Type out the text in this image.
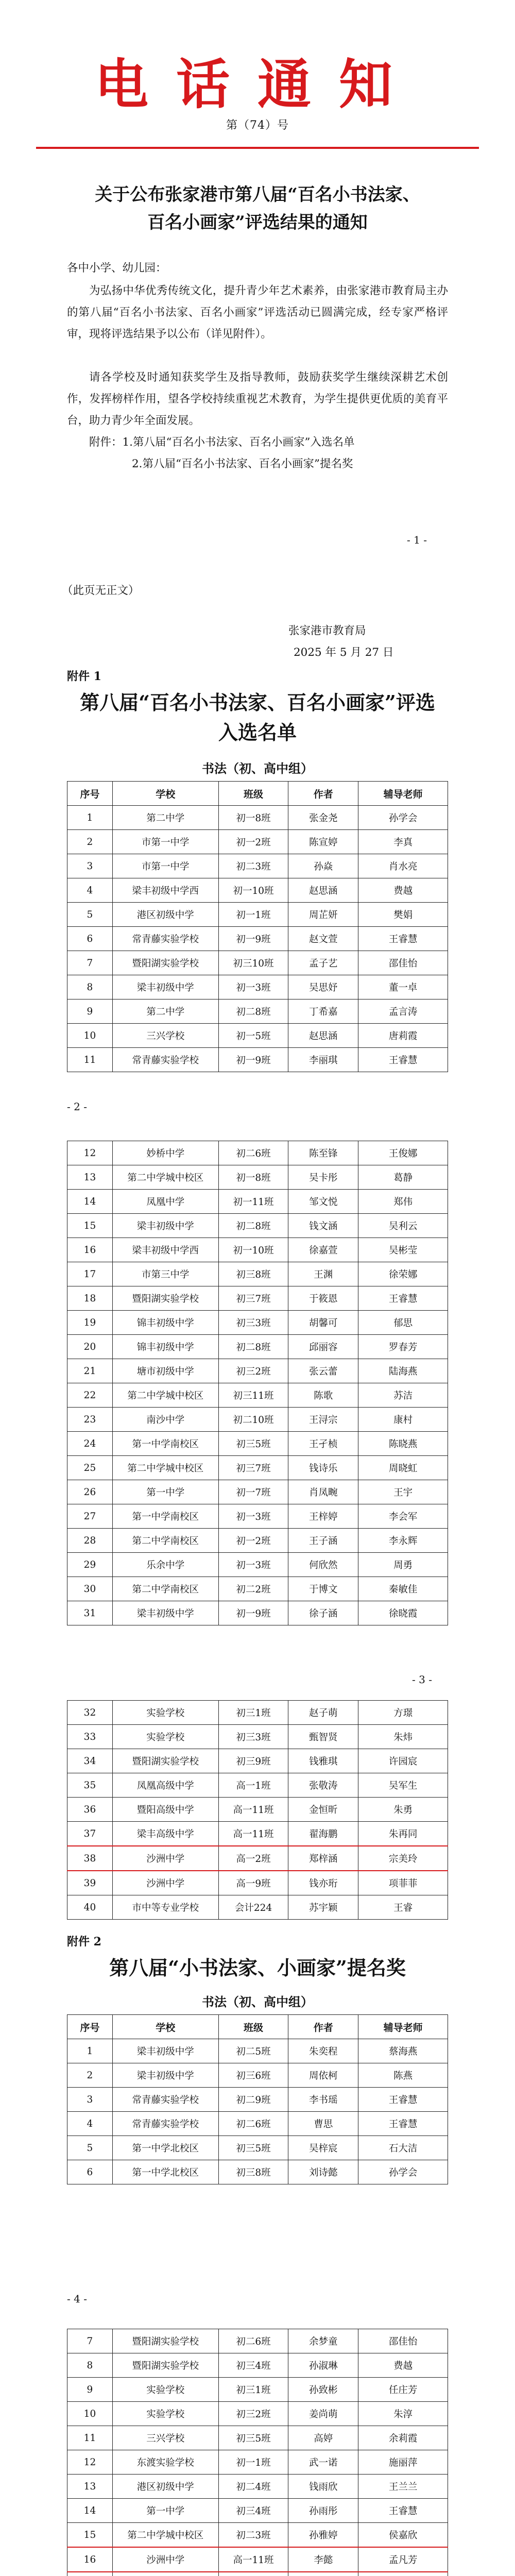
电话通知
第（74）号
关于公布张家港市第八届“百名小书法家、
百名小画家”评选结果的通知
各中小学、幼儿园：
为弘扬中华优秀传统文化，提升青少年艺术素养，由张家港市教育局主办的第八届“百名小书法家、百名小画家”评选活动已圆满完成，经专家严格评审，现将评选结果予以公布（详见附件）。
请各学校及时通知获奖学生及指导教师，鼓励获奖学生继续深耕艺术创作，发挥榜样作用，望各学校持续重视艺术教育，为学生提供更优质的美育平台，助力青少年全面发展。
附件：1.第八届“百名小书法家、百名小画家”入选名单
2.第八届“百名小书法家、百名小画家”提名奖
- 1 -
（此页无正文）
张家港市教育局
2025 年 5 月 27 日
附件 1
第八届“百名小书法家、百名小画家”评选
入选名单
书法（初、高中组）
序号	学校	班级	作者	辅导老师
1	第二中学	初一8班	张金尧	孙学会
2	市第一中学	初一2班	陈宣婷	李真
3	市第一中学	初二3班	孙焱	肖水亮
4	梁丰初级中学西	初一10班	赵思涵	费越
5	港区初级中学	初一1班	周芷妍	樊娟
6	常青藤实验学校	初一9班	赵文萱	王睿慧
7	暨阳湖实验学校	初三10班	孟子艺	邵佳怡
8	梁丰初级中学	初一3班	吴思妤	董一卓
9	第二中学	初二8班	丁希嘉	孟言涛
10	三兴学校	初一5班	赵思涵	唐莉霞
11	常青藤实验学校	初一9班	李丽琪	王睿慧
- 2 -
12	妙桥中学	初二6班	陈至锋	王俊娜
13	第二中学城中校区	初一8班	吴卡彤	葛静
14	凤凰中学	初一11班	邹文悦	郑伟
15	梁丰初级中学	初二8班	钱文涵	吴利云
16	梁丰初级中学西	初一10班	徐嘉萱	吴彬莹
17	市第三中学	初三8班	王渊	徐荣娜
18	暨阳湖实验学校	初三7班	于筱恩	王睿慧
19	锦丰初级中学	初三3班	胡馨可	郁思
20	锦丰初级中学	初二8班	邱丽容	罗春芳
21	塘市初级中学	初三2班	张云蕾	陆海燕
22	第二中学城中校区	初三11班	陈歌	苏洁
23	南沙中学	初二10班	王浔宗	康村
24	第一中学南校区	初三5班	王孑桢	陈晓燕
25	第二中学城中校区	初三7班	钱诗乐	周晓虹
26	第一中学	初一7班	肖凤畹	王宇
27	第一中学南校区	初一3班	王梓婷	李会军
28	第二中学南校区	初一2班	王子涵	李永辉
29	乐余中学	初一3班	何欣然	周勇
30	第二中学南校区	初二2班	于博文	秦敏佳
31	梁丰初级中学	初一9班	徐子涵	徐晓霞
- 3 -
32	实验学校	初三1班	赵子萌	方璟
33	实验学校	初三3班	甄智贤	朱炜
34	暨阳湖实验学校	初三9班	钱雅琪	许园宸
35	凤凰高级中学	高一1班	张敬涛	吴军生
36	暨阳高级中学	高一11班	金恒昕	朱勇
37	梁丰高级中学	高一11班	翟海鹏	朱再同
38	沙洲中学	高一2班	郑梓涵	宗美玲
39	沙洲中学	高一9班	钱亦珩	项菲菲
40	市中等专业学校	会计224	苏宇颖	王睿
附件 2
第八届“小书法家、小画家”提名奖
书法（初、高中组）
序号	学校	班级	作者	辅导老师
1	梁丰初级中学	初二5班	朱奕程	蔡海燕
2	梁丰初级中学	初三6班	周依柯	陈燕
3	常青藤实验学校	初二9班	李书瑶	王睿慧
4	常青藤实验学校	初二6班	曹思	王睿慧
5	第一中学北校区	初三5班	吴梓宸	石大洁
6	第一中学北校区	初三8班	刘诗懿	孙学会
- 4 -
7	暨阳湖实验学校	初二6班	余梦童	邵佳怡
8	暨阳湖实验学校	初三4班	孙淑琳	费越
9	实验学校	初三1班	孙致彬	任庄芳
10	实验学校	初三2班	姜尚萌	朱淳
11	三兴学校	初三5班	高婷	余莉霞
12	东渡实验学校	初一1班	武一诺	施丽萍
13	港区初级中学	初二4班	钱雨欣	王兰兰
14	第一中学	初三4班	孙雨彤	王睿慧
15	第二中学城中校区	初二3班	孙雅婷	侯嘉欣
16	沙洲中学	高一11班	李懿	孟凡芳
